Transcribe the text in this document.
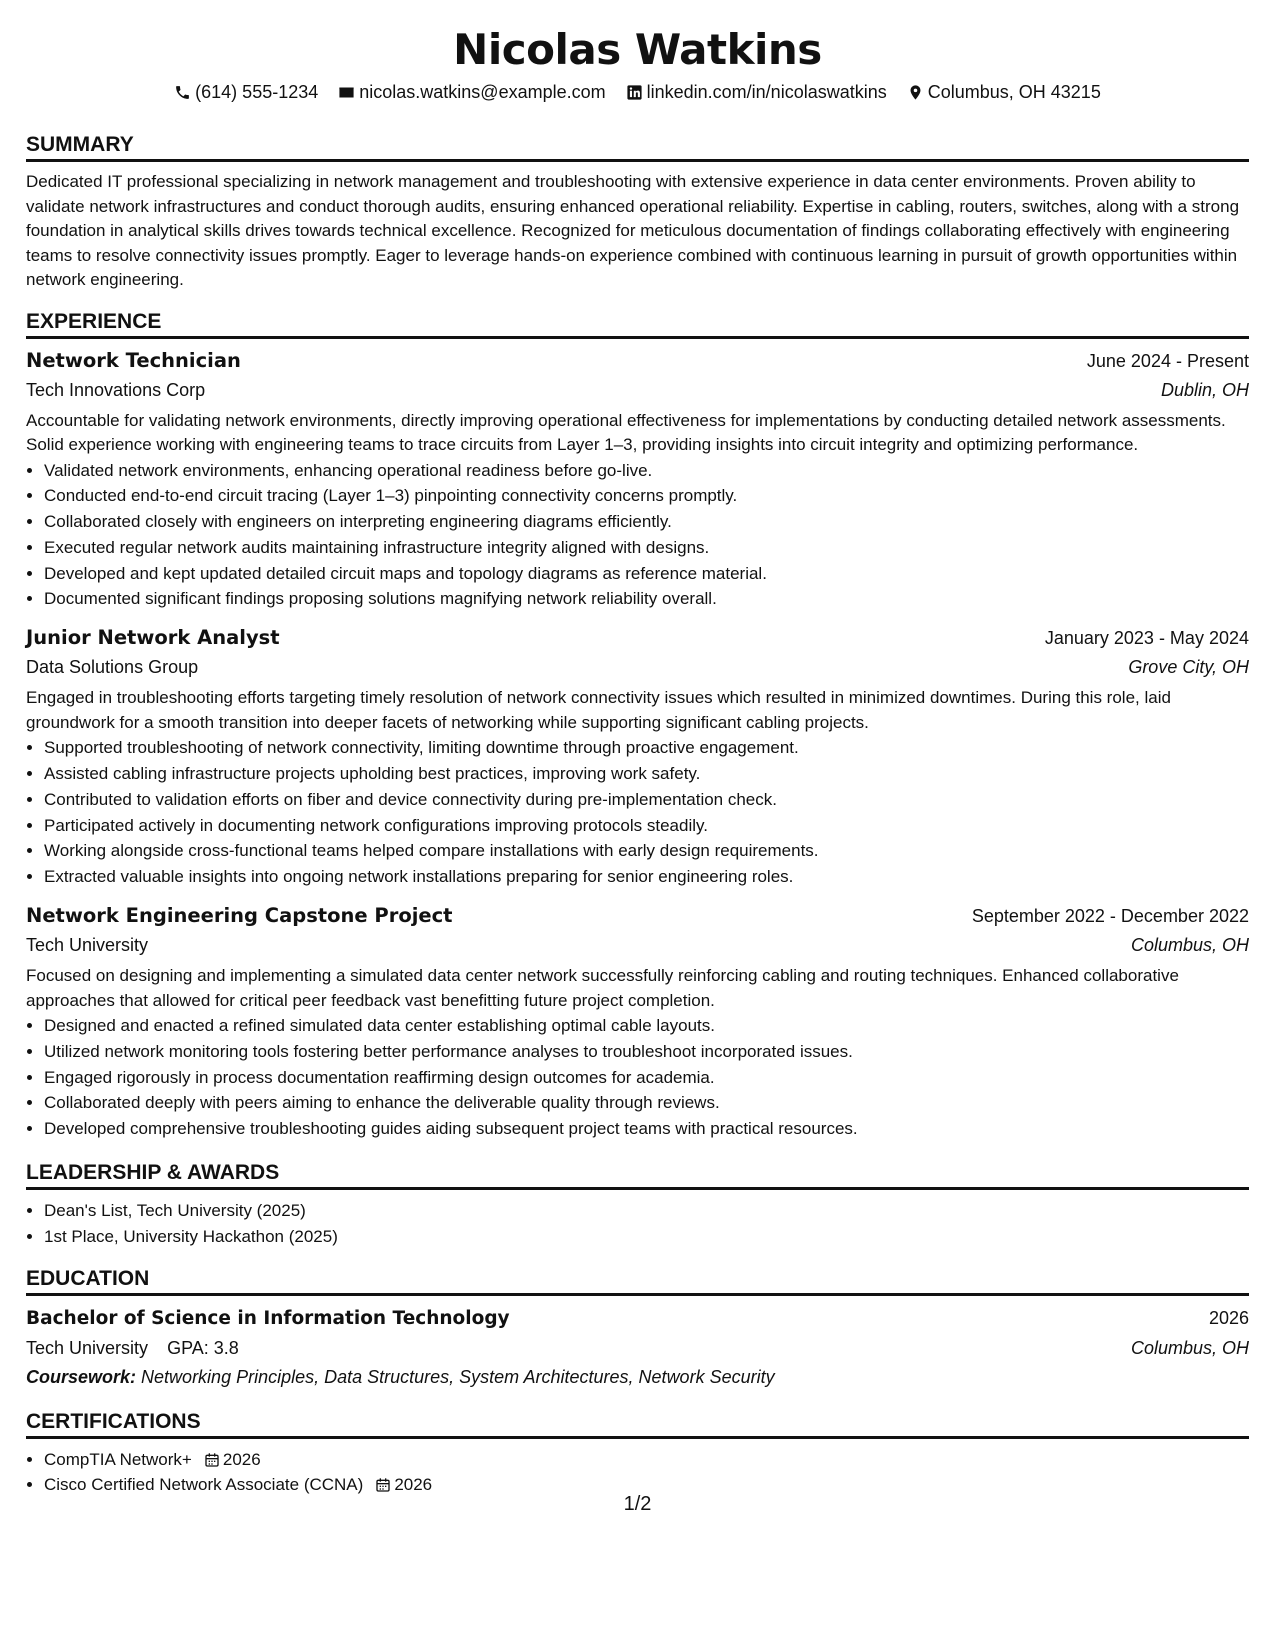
Nicolas Watkins
(614) 555-1234 nicolas.watkins@example.com linkedin.com/in/nicolaswatkins Columbus, OH 43215
SUMMARY

Dedicated IT professional specializing in network management and troubleshooting with extensive experience in data center environments. Proven ability to validate network infrastructures and conduct thorough audits, ensuring enhanced operational reliability. Expertise in cabling, routers, switches, along with a strong foundation in analytical skills drives towards technical excellence. Recognized for meticulous documentation of findings collaborating effectively with engineering teams to resolve connectivity issues promptly. Eager to leverage hands-on experience combined with continuous learning in pursuit of growth opportunities within network engineering.

EXPERIENCE
Network Technician	June 2024 - Present
Tech Innovations Corp	Dublin, OH

Accountable for validating network environments, directly improving operational effectiveness for implementations by conducting detailed network assessments. Solid experience working with engineering teams to trace circuits from Layer 1–3, providing insights into circuit integrity and optimizing performance.

• Validated network environments, enhancing operational readiness before go-live.
• Conducted end-to-end circuit tracing (Layer 1–3) pinpointing connectivity concerns promptly.
• Collaborated closely with engineers on interpreting engineering diagrams efficiently.
• Executed regular network audits maintaining infrastructure integrity aligned with designs.
• Developed and kept updated detailed circuit maps and topology diagrams as reference material.
• Documented significant findings proposing solutions magnifying network reliability overall.
Junior Network Analyst	January 2023 - May 2024
Data Solutions Group	Grove City, OH

Engaged in troubleshooting efforts targeting timely resolution of network connectivity issues which resulted in minimized downtimes. During this role, laid groundwork for a smooth transition into deeper facets of networking while supporting significant cabling projects.

• Supported troubleshooting of network connectivity, limiting downtime through proactive engagement.
• Assisted cabling infrastructure projects upholding best practices, improving work safety.
• Contributed to validation efforts on fiber and device connectivity during pre-implementation check.
• Participated actively in documenting network configurations improving protocols steadily.
• Working alongside cross-functional teams helped compare installations with early design requirements.
• Extracted valuable insights into ongoing network installations preparing for senior engineering roles.
Network Engineering Capstone Project	September 2022 - December 2022
Tech University	Columbus, OH

Focused on designing and implementing a simulated data center network successfully reinforcing cabling and routing techniques. Enhanced collaborative approaches that allowed for critical peer feedback vast benefitting future project completion.

• Designed and enacted a refined simulated data center establishing optimal cable layouts.
• Utilized network monitoring tools fostering better performance analyses to troubleshoot incorporated issues.
• Engaged rigorously in process documentation reaffirming design outcomes for academia.
• Collaborated deeply with peers aiming to enhance the deliverable quality through reviews.
• Developed comprehensive troubleshooting guides aiding subsequent project teams with practical resources.
LEADERSHIP & AWARDS
• Dean's List, Tech University (2025)
• 1st Place, University Hackathon (2025)
EDUCATION
Bachelor of Science in Information Technology	2026
Tech University GPA: 3.8	Columbus, OH
Coursework: Networking Principles, Data Structures, System Architectures, Network Security
CERTIFICATIONS
• CompTIA Network+ 2026
• Cisco Certified Network Associate (CCNA) 2026
1/2
